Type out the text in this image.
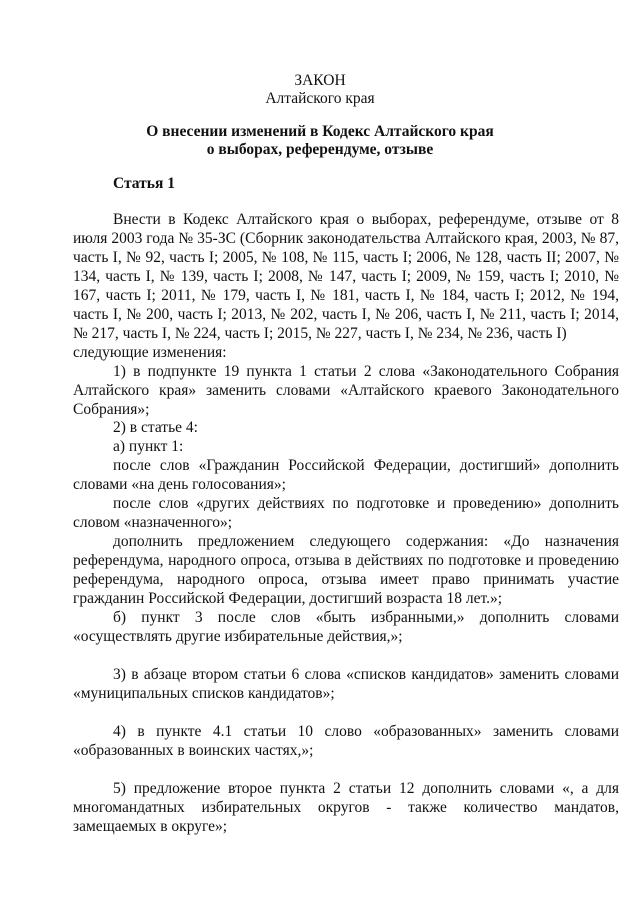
ЗАКОН
Алтайского края
О внесении изменений в Кодекс Алтайского края
о выборах, референдуме, отзыве
Статья 1

Внести в Кодекс Алтайского края о выборах, референдуме, отзыве от 8 июля 2003 года № 35-ЗС (Сборник законодательства Алтайского края, 2003, № 87, часть I, № 92, часть I; 2005, № 108, № 115, часть I; 2006, № 128, часть II; 2007, № 134, часть I, № 139, часть I; 2008, № 147, часть I; 2009, № 159, часть I; 2010, № 167, часть I; 2011, № 179, часть I, № 181, часть I, № 184, часть I; 2012, № 194, часть I, № 200, часть I; 2013, № 202, часть I, № 206, часть I, № 211, часть I; 2014, № 217, часть I, № 224, часть I; 2015, № 227, часть I, № 234, № 236, часть I)

следующие изменения:

1) в подпункте 19 пункта 1 статьи 2 слова «Законодательного Собрания Алтайского края» заменить словами «Алтайского краевого Законодательного Собрания»;

2) в статье 4:

а) пункт 1:

после слов «Гражданин Российской Федерации, достигший» дополнить словами «на день голосования»;

после слов «других действиях по подготовке и проведению» дополнить словом «назначенного»;

дополнить предложением следующего содержания: «До назначения референдума, народного опроса, отзыва в действиях по подготовке и проведению референдума, народного опроса, отзыва имеет право принимать участие гражданин Российской Федерации, достигший возраста 18 лет.»;

б) пункт 3 после слов «быть избранными,» дополнить словами «осуществлять другие избирательные действия,»;

3) в абзаце втором статьи 6 слова «списков кандидатов» заменить словами «муниципальных списков кандидатов»;

4) в пункте 4.1 статьи 10 слово «образованных» заменить словами «образованных в воинских частях,»;

5) предложение второе пункта 2 статьи 12 дополнить словами «, а для многомандатных избирательных округов - также количество мандатов, замещаемых в округе»;
